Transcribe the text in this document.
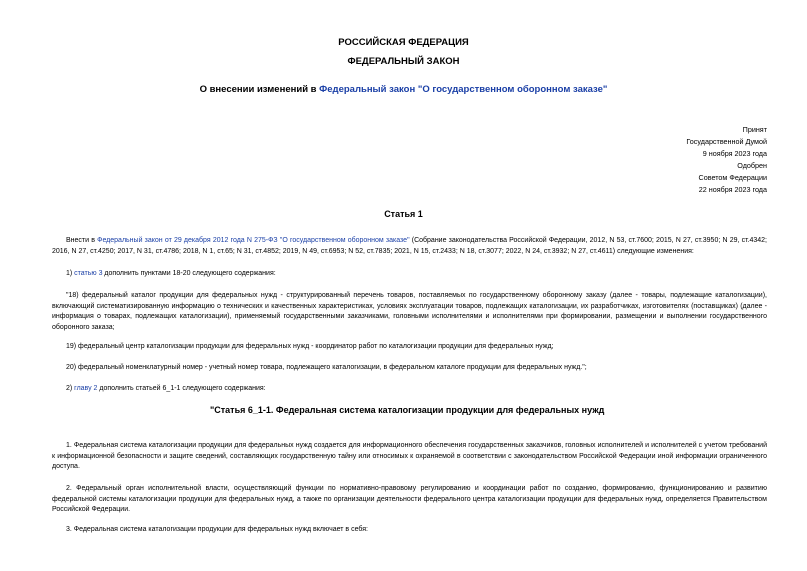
РОССИЙСКАЯ ФЕДЕРАЦИЯ
ФЕДЕРАЛЬНЫЙ ЗАКОН
О внесении изменений в Федеральный закон "О государственном оборонном заказе"
Принят
Государственной Думой
9 ноября 2023 года
Одобрен
Советом Федерации
22 ноября 2023 года
Статья 1
Внести в Федеральный закон от 29 декабря 2012 года N 275-ФЗ "О государственном оборонном заказе" (Собрание законодательства Российской Федерации, 2012, N 53, ст.7600; 2015, N 27, ст.3950; N 29, ст.4342; 2016, N 27, ст.4250; 2017, N 31, ст.4786; 2018, N 1, ст.65; N 31, ст.4852; 2019, N 49, ст.6953; N 52, ст.7835; 2021, N 15, ст.2433; N 18, ст.3077; 2022, N 24, ст.3932; N 27, ст.4611) следующие изменения:
1) статью 3 дополнить пунктами 18-20 следующего содержания:
"18) федеральный каталог продукции для федеральных нужд - структурированный перечень товаров, поставляемых по государственному оборонному заказу (далее - товары, подлежащие каталогизации), включающий систематизированную информацию о технических и качественных характеристиках, условиях эксплуатации товаров, подлежащих каталогизации, их разработчиках, изготовителях (поставщиках) (далее - информация о товарах, подлежащих каталогизации), применяемый государственными заказчиками, головными исполнителями и исполнителями при формировании, размещении и выполнении государственного оборонного заказа;
19) федеральный центр каталогизации продукции для федеральных нужд - координатор работ по каталогизации продукции для федеральных нужд;
20) федеральный номенклатурный номер - учетный номер товара, подлежащего каталогизации, в федеральном каталоге продукции для федеральных нужд.";
2) главу 2 дополнить статьей 6_1-1 следующего содержания:
"Статья 6_1-1. Федеральная система каталогизации продукции для федеральных нужд
1. Федеральная система каталогизации продукции для федеральных нужд создается для информационного обеспечения государственных заказчиков, головных исполнителей и исполнителей с учетом требований к информационной безопасности и защите сведений, составляющих государственную тайну или относимых к охраняемой в соответствии с законодательством Российской Федерации иной информации ограниченного доступа.
2. Федеральный орган исполнительной власти, осуществляющий функции по нормативно-правовому регулированию и координации работ по созданию, формированию, функционированию и развитию федеральной системы каталогизации продукции для федеральных нужд, а также по организации деятельности федерального центра каталогизации продукции для федеральных нужд, определяется Правительством Российской Федерации.
3. Федеральная система каталогизации продукции для федеральных нужд включает в себя:
